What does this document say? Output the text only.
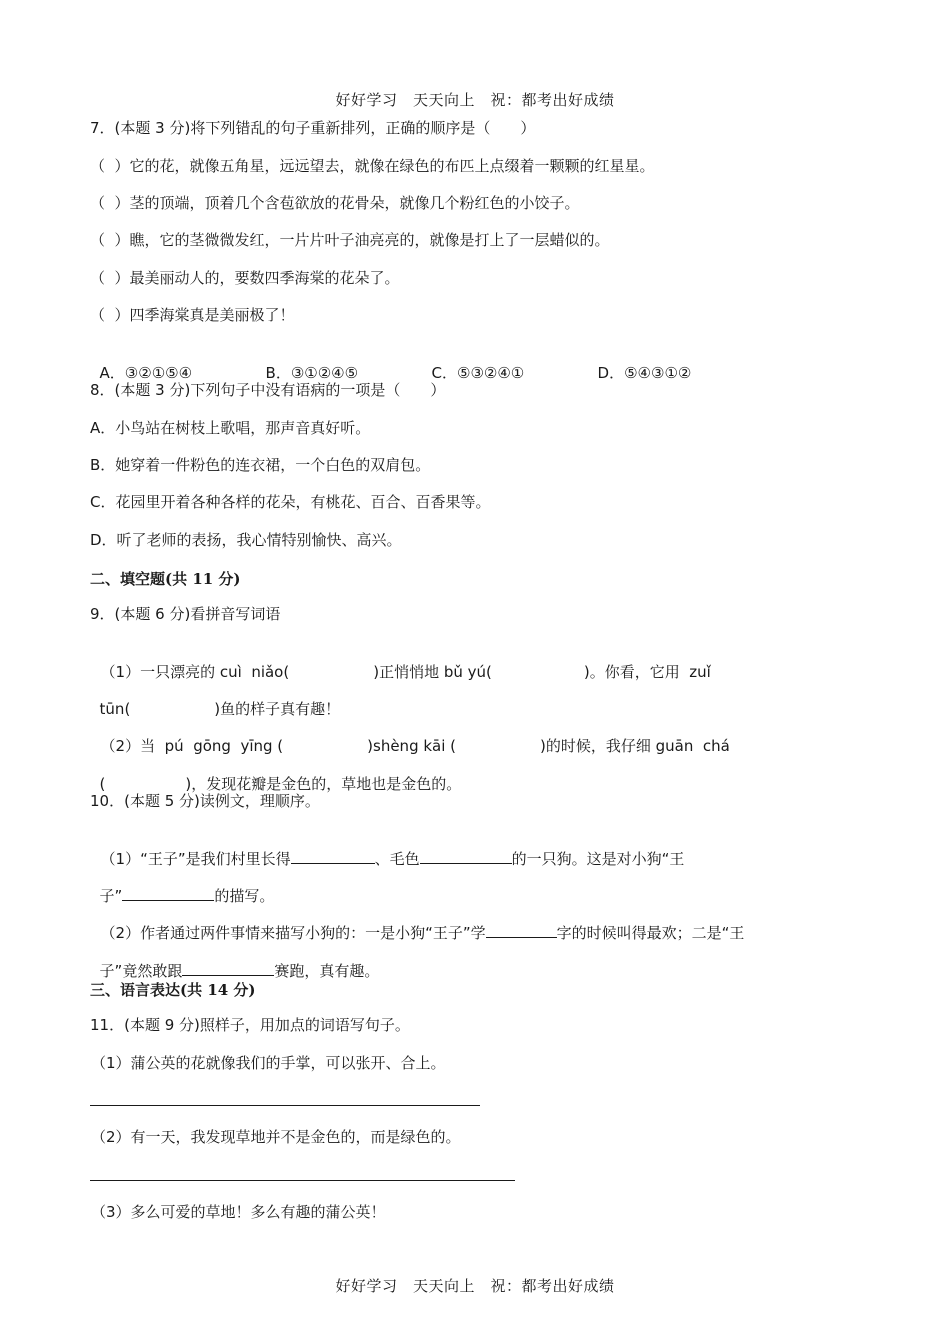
好好学习　天天向上　祝：都考出好成绩
7．(本题 3 分)将下列错乱的句子重新排列，正确的顺序是（　　）
（  ）它的花，就像五角星，远远望去，就像在绿色的布匹上点缀着一颗颗的红星星。
（  ）茎的顶端，顶着几个含苞欲放的花骨朵，就像几个粉红色的小饺子。
（  ）瞧，它的茎微微发红，一片片叶子油亮亮的，就像是打上了一层蜡似的。
（  ）最美丽动人的，要数四季海棠的花朵了。
（  ）四季海棠真是美丽极了！

A．③②①⑤④	B．③①②④⑤	C．⑤③②④①	D．⑤④③①②

8．(本题 3 分)下列句子中没有语病的一项是（　　）
A．小鸟站在树枝上歌唱，那声音真好听。
B．她穿着一件粉色的连衣裙，一个白色的双肩包。
C．花园里开着各种各样的花朵，有桃花、百合、百香果等。
D．听了老师的表扬，我心情特别愉快、高兴。
二、填空题(共 11 分)
9．(本题 6 分)看拼音写词语

（1）一只漂亮的 cuì  niǎo(	)正悄悄地 bǔ yú(	)。你看，它用  zuǐ

tūn(	)鱼的样子真有趣！

（2）当  pú  gōng  yīng (	)shèng kāi (	)的时候，我仔细 guān  chá

(	)，发现花瓣是金色的，草地也是金色的。

10．(本题 5 分)读例文，理顺序。

（1）“王子”是我们村里长得	、毛色	的一只狗。这是对小狗“王

子”	的描写。

（2）作者通过两件事情来描写小狗的：一是小狗“王子”学	字的时候叫得最欢；二是“王

子”竟然敢跟	赛跑，真有趣。

三、语言表达(共 14 分)
11．(本题 9 分)照样子，用加点的词语写句子。
（1）蒲公英的花就像我们的手掌，可以张开、合上。
（2）有一天，我发现草地并不是金色的，而是绿色的。
（3）多么可爱的草地！多么有趣的蒲公英！
好好学习　天天向上　祝：都考出好成绩
